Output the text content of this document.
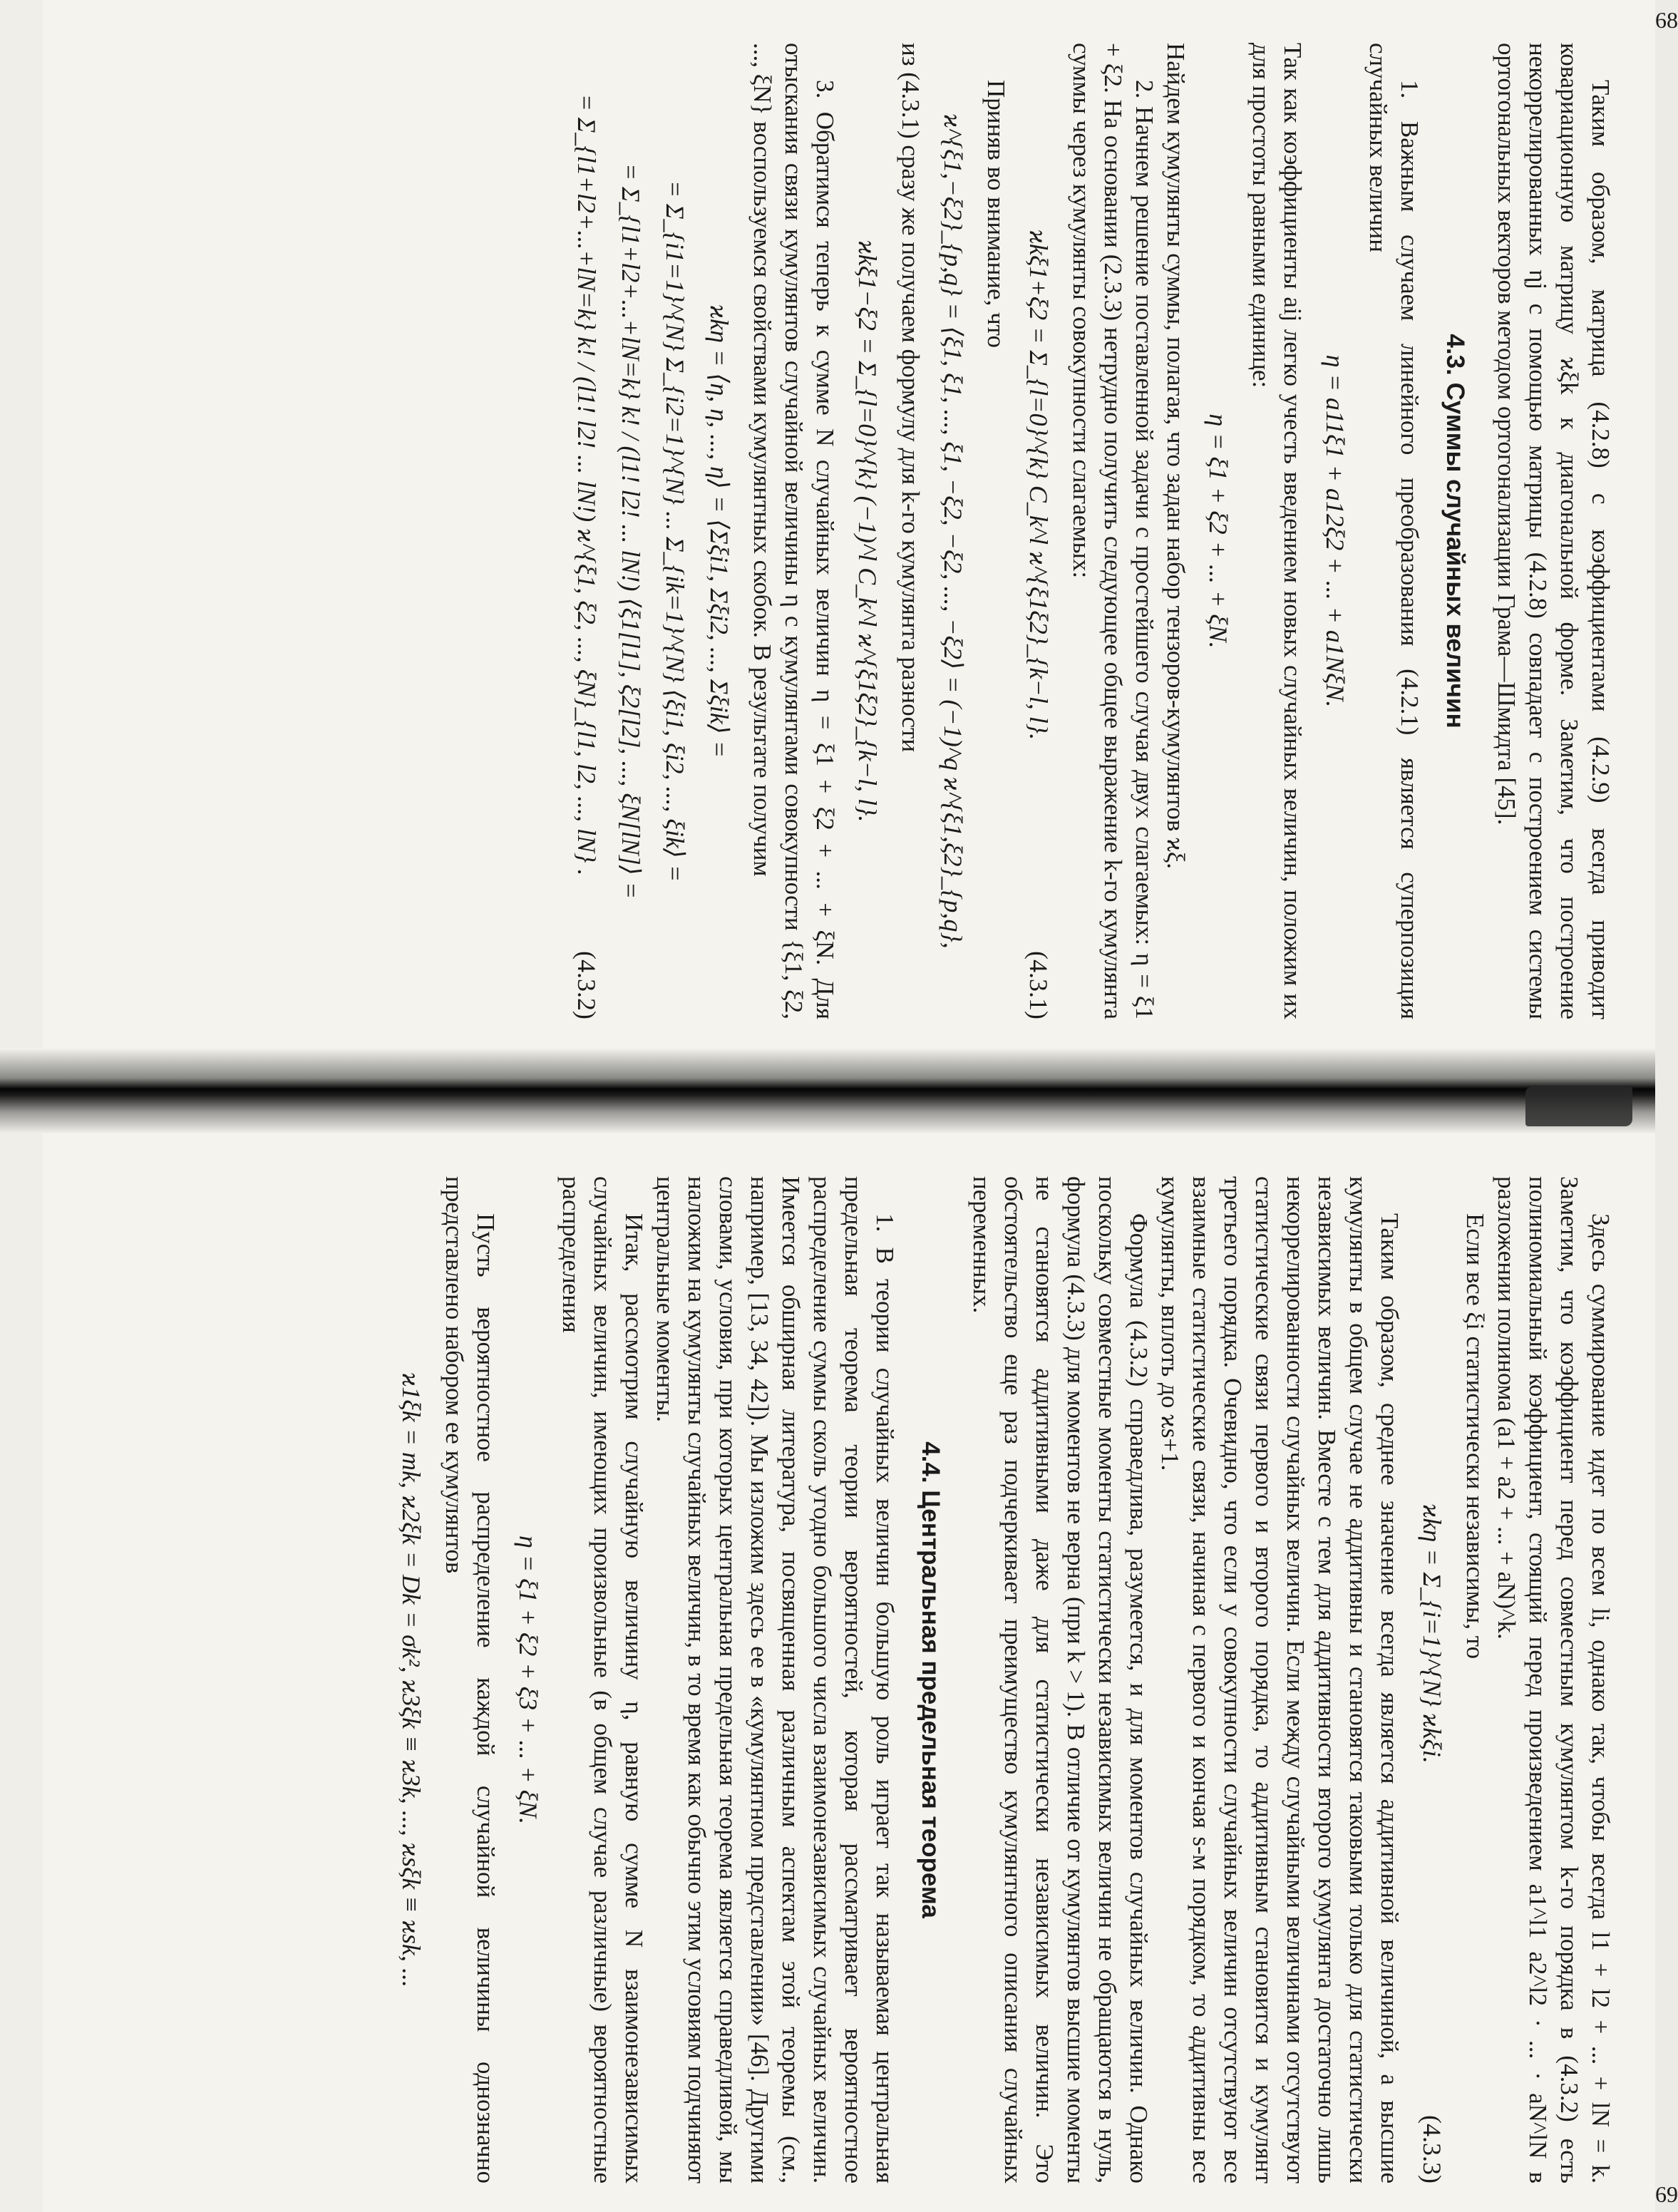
Таким образом, матрица (4.2.8) с коэффициентами (4.2.9) всегда приводит ковариационную матрицу ϰξk к диагональной форме. Заметим, что построение некоррелированных ηj с помощью матрицы (4.2.8) совпадает с построением системы ортогональных векторов методом ортогонализации Грама—Шмидта [45].

4.3. Суммы случайных величин

1. Важным случаем линейного преобразования (4.2.1) является суперпозиция случайных величин

η = a11ξ1 + a12ξ2 + ... + a1NξN.

Так как коэффициенты aij легко учесть введением новых случайных величин, положим их для простоты равными единице:

η = ξ1 + ξ2 + ... + ξN.

Найдем кумулянты суммы, полагая, что задан набор тензоров-кумулянтов ϰξ.

2. Начнем решение поставленной задачи с простейшего случая двух слагаемых: η = ξ1 + ξ2. На основании (2.3.3) нетрудно получить следующее общее выражение k-го кумулянта суммы через кумулянты совокупности слагаемых:

ϰkξ1+ξ2 = Σ_{l=0}^{k} C_k^l ϰ^{ξ1ξ2}_{k−l, l}.
(4.3.1)

Приняв во внимание, что

ϰ^{ξ1,−ξ2}_{p,q} = ⟨ξ1, ξ1, ..., ξ1, −ξ2, −ξ2, ..., −ξ2⟩ = (−1)^q ϰ^{ξ1,ξ2}_{p,q},

из (4.3.1) сразу же получаем формулу для k-го кумулянта разности

ϰkξ1−ξ2 = Σ_{l=0}^{k} (−1)^l C_k^l ϰ^{ξ1ξ2}_{k−l, l}.

3. Обратимся теперь к сумме N случайных величин η = ξ1 + ξ2 + ... + ξN. Для отыскания связи кумулянтов случайной величины η с кумулянтами совокупности {ξ1, ξ2, ..., ξN} воспользуемся свойствами кумулянтных скобок. В результате получим

ϰkη = ⟨η, η, ..., η⟩ = ⟨Σξi1, Σξi2, ..., Σξik⟩ =
= Σ_{i1=1}^{N} Σ_{i2=1}^{N} ... Σ_{ik=1}^{N} ⟨ξi1, ξi2, ..., ξik⟩ =
= Σ_{l1+l2+...+lN=k} k! / (l1! l2! ... lN!) ⟨ξ1[l1], ξ2[l2], ..., ξN[lN]⟩ =
= Σ_{l1+l2+...+lN=k} k! / (l1! l2! ... lN!) ϰ^{ξ1, ξ2, ..., ξN}_{l1, l2, ..., lN} .
(4.3.2)
68

Здесь суммирование идет по всем li, однако так, чтобы всегда l1 + l2 + ... + lN = k. Заметим, что коэффициент перед совместным кумулянтом k-го порядка в (4.3.2) есть полиномиальный коэффициент, стоящий перед произведением a1^l1 a2^l2 · ... · aN^lN в разложении полинома (a1 + a2 + ... + aN)^k.

Если все ξi статистически независимы, то

ϰkη = Σ_{i=1}^{N} ϰkξi.
(4.3.3)

Таким образом, среднее значение всегда является аддитивной величиной, а высшие кумулянты в общем случае не аддитивны и становятся таковыми только для статистически независимых величин. Вместе с тем для аддитивности второго кумулянта достаточно лишь некоррелированности случайных величин. Если между случайными величинами отсутствуют статистические связи первого и второго порядка, то аддитивным становится и кумулянт третьего порядка. Очевидно, что если у совокупности случайных величин отсутствуют все взаимные статистические связи, начиная с первого и кончая s-м порядком, то аддитивны все кумулянты, вплоть до ϰs+1.

Формула (4.3.2) справедлива, разумеется, и для моментов случайных величин. Однако поскольку совместные моменты статистически независимых величин не обращаются в нуль, формула (4.3.3) для моментов не верна (при k > 1). В отличие от кумулянтов высшие моменты не становятся аддитивными даже для статистически независимых величин. Это обстоятельство еще раз подчеркивает преимущество кумулянтного описания случайных переменных.

4.4. Центральная предельная теорема

1. В теории случайных величин большую роль играет так называемая центральная предельная теорема теории вероятностей, которая рассматривает вероятностное распределение суммы сколь угодно большого числа взаимонезависимых случайных величин. Имеется обширная литература, посвященная различным аспектам этой теоремы (см., например, [13, 34, 42]). Мы изложим здесь ее в «кумулянтном представлении» [46]. Другими словами, условия, при которых центральная предельная теорема является справедливой, мы наложим на кумулянты случайных величин, в то время как обычно этим условиям подчиняют центральные моменты.

Итак, рассмотрим случайную величину η, равную сумме N взаимонезависимых случайных величин, имеющих произвольные (в общем случае различные) вероятностные распределения

η = ξ1 + ξ2 + ξ3 + ... + ξN.

Пусть вероятностное распределение каждой случайной величины однозначно представлено набором ее кумулянтов

ϰ1ξk = mk, ϰ2ξk = Dk = σk², ϰ3ξk ≡ ϰ3k, ..., ϰsξk ≡ ϰsk, ...
69
